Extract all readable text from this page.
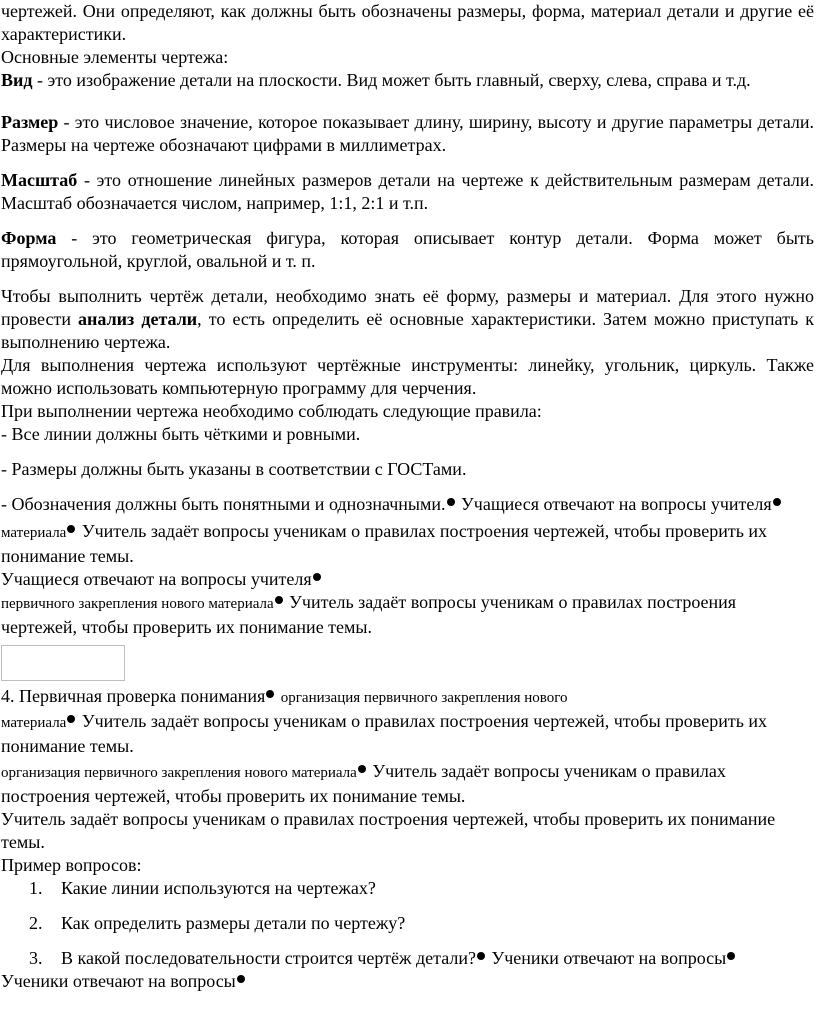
чертежей. Они определяют, как должны быть обозначены размеры, форма, материал детали и другие её характеристики.

Основные элементы чертежа:

Вид - это изображение детали на плоскости. Вид может быть главный, сверху, слева, справа и т.д.

Размер - это числовое значение, которое показывает длину, ширину, высоту и другие параметры детали. Размеры на чертеже обозначают цифрами в миллиметрах.

Масштаб - это отношение линейных размеров детали на чертеже к действительным размерам детали. Масштаб обозначается числом, например, 1:1, 2:1 и т.п.

Форма - это геометрическая фигура, которая описывает контур детали. Форма может быть прямоугольной, круглой, овальной и т. п.

Чтобы выполнить чертёж детали, необходимо знать её форму, размеры и материал. Для этого нужно провести анализ детали, то есть определить её основные характеристики. Затем можно приступать к выполнению чертежа.

Для выполнения чертежа используют чертёжные инструменты: линейку, угольник, циркуль. Также можно использовать компьютерную программу для черчения.

При выполнении чертежа необходимо соблюдать следующие правила:

- Все линии должны быть чёткими и ровными.

- Размеры должны быть указаны в соответствии с ГОСТами.

- Обозначения должны быть понятными и однозначными. Учащиеся отвечают на вопросы учителя

материала Учитель задаёт вопросы ученикам о правилах построения чертежей, чтобы проверить их понимание темы.

Учащиеся отвечают на вопросы учителя

первичного закрепления нового материала Учитель задаёт вопросы ученикам о правилах построения чертежей, чтобы проверить их понимание темы.

4. Первичная проверка понимания организация первичного закрепления нового

материала Учитель задаёт вопросы ученикам о правилах построения чертежей, чтобы проверить их понимание темы.

организация первичного закрепления нового материала Учитель задаёт вопросы ученикам о правилах построения чертежей, чтобы проверить их понимание темы.

Учитель задаёт вопросы ученикам о правилах построения чертежей, чтобы проверить их понимание темы.

Пример вопросов:

1. Какие линии используются на чертежах?
2. Как определить размеры детали по чертежу?
3. В какой последовательности строится чертёж детали? Ученики отвечают на вопросы

Ученики отвечают на вопросы
